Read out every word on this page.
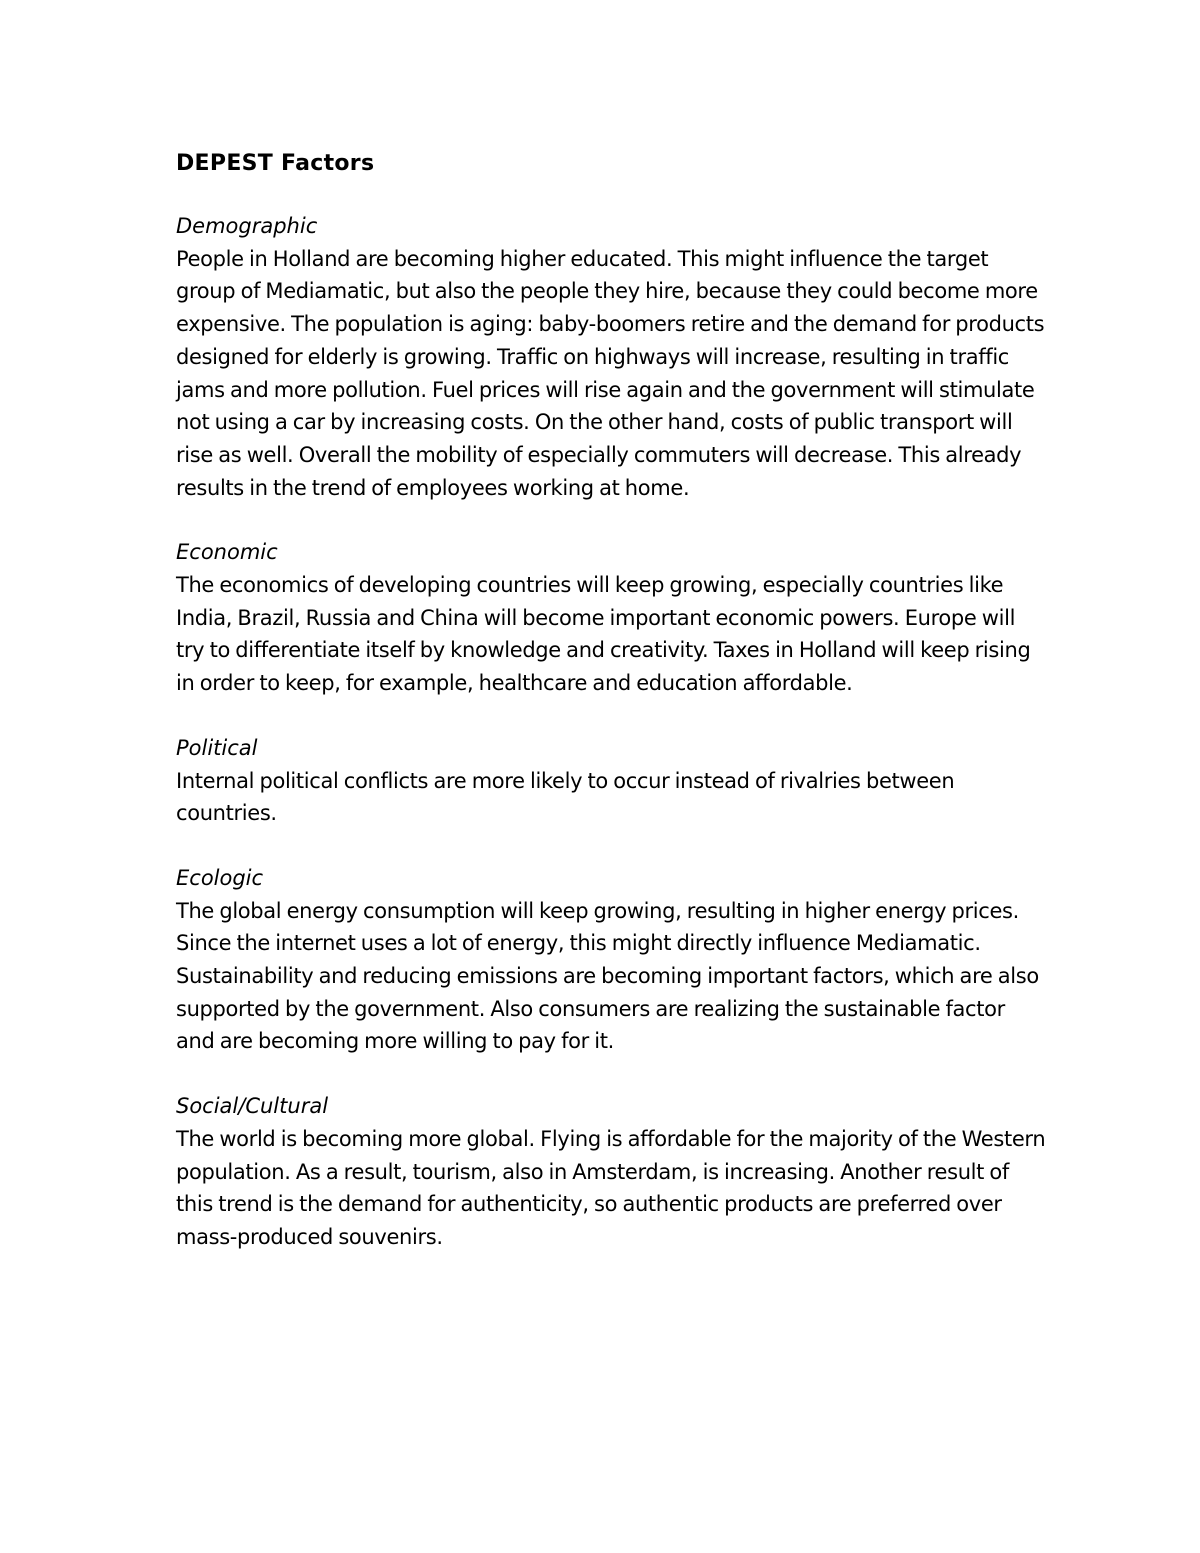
DEPEST Factors

Demographic

People in Holland are becoming higher educated. This might influence the target group of Mediamatic, but also the people they hire, because they could become more expensive. The population is aging: baby-boomers retire and the demand for products designed for elderly is growing. Traffic on highways will increase, resulting in traffic jams and more pollution. Fuel prices will rise again and the government will stimulate not using a car by increasing costs. On the other hand, costs of public transport will rise as well. Overall the mobility of especially commuters will decrease. This already results in the trend of employees working at home.

Economic

The economics of developing countries will keep growing, especially countries like India, Brazil, Russia and China will become important economic powers. Europe will try to differentiate itself by knowledge and creativity. Taxes in Holland will keep rising in order to keep, for example, healthcare and education affordable.

Political

Internal political conflicts are more likely to occur instead of rivalries between countries.

Ecologic

The global energy consumption will keep growing, resulting in higher energy prices. Since the internet uses a lot of energy, this might directly influence Mediamatic. Sustainability and reducing emissions are becoming important factors, which are also supported by the government. Also consumers are realizing the sustainable factor and are becoming more willing to pay for it.

Social/Cultural

The world is becoming more global. Flying is affordable for the majority of the Western population. As a result, tourism, also in Amsterdam, is increasing. Another result of this trend is the demand for authenticity, so authentic products are preferred over mass-produced souvenirs.
